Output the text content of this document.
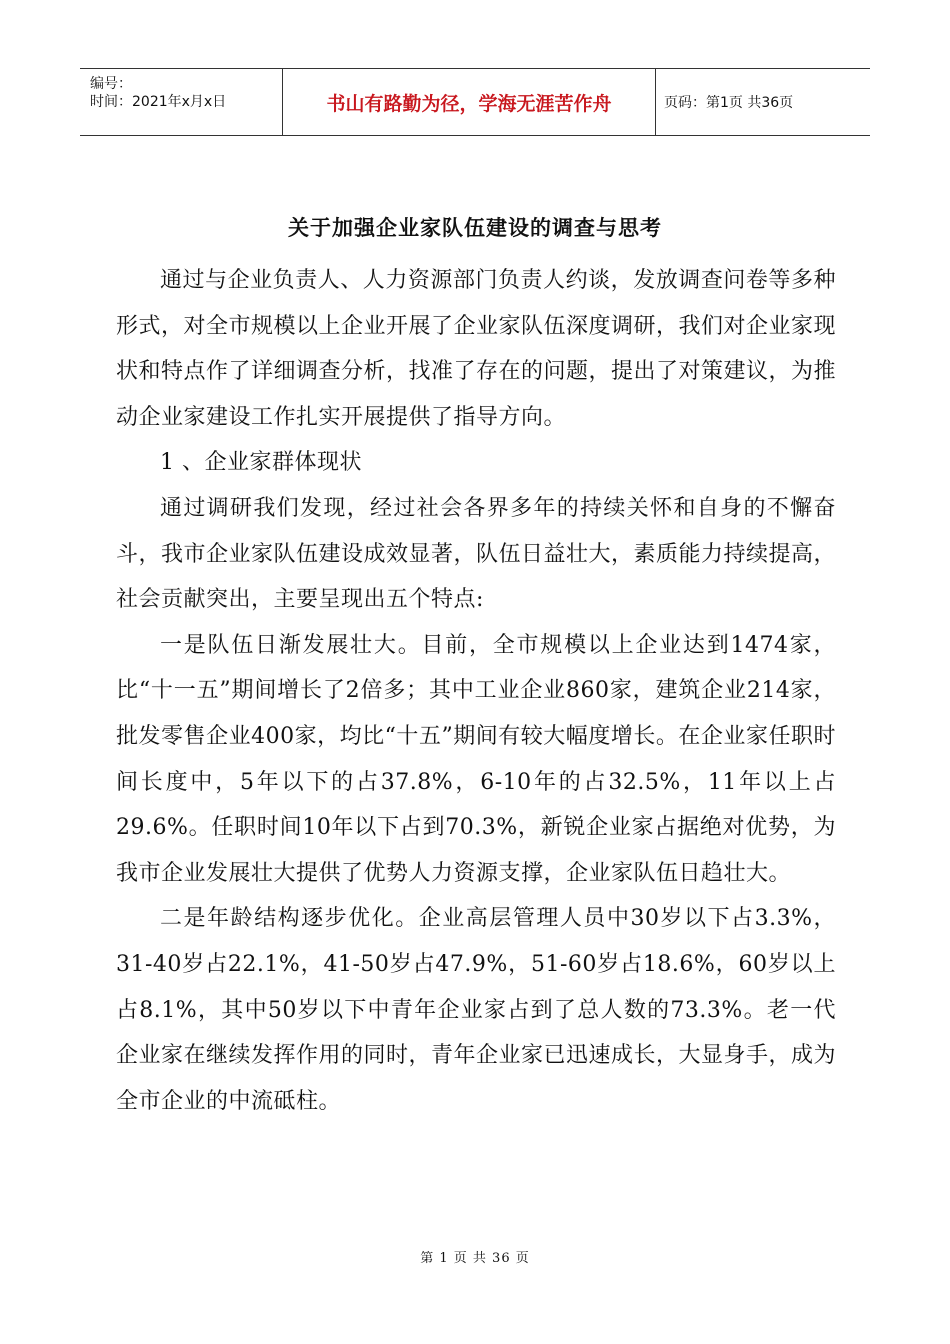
编号：
时间：2021年x月x日	书山有路勤为径，学海无涯苦作舟	页码：第1页 共36页
关于加强企业家队伍建设的调查与思考

通过与企业负责人、人力资源部门负责人约谈，发放调查问卷等多种形式，对全市规模以上企业开展了企业家队伍深度调研，我们对企业家现状和特点作了详细调查分析，找准了存在的问题，提出了对策建议，为推动企业家建设工作扎实开展提供了指导方向。

1 、企业家群体现状

通过调研我们发现，经过社会各界多年的持续关怀和自身的不懈奋斗，我市企业家队伍建设成效显著，队伍日益壮大，素质能力持续提高，社会贡献突出，主要呈现出五个特点:

一是队伍日渐发展壮大。目前，全市规模以上企业达到1474家，比“十一五”期间增长了2倍多；其中工业企业860家，建筑企业214家，批发零售企业400家，均比“十五”期间有较大幅度增长。在企业家任职时间长度中，5年以下的占37.8%，6-10年的占32.5%，11年以上占29.6%。任职时间10年以下占到70.3%，新锐企业家占据绝对优势，为我市企业发展壮大提供了优势人力资源支撑，企业家队伍日趋壮大。

二是年龄结构逐步优化。企业高层管理人员中30岁以下占3.3%，31-40岁占22.1%，41-50岁占47.9%，51-60岁占18.6%，60岁以上占8.1%，其中50岁以下中青年企业家占到了总人数的73.3%。老一代企业家在继续发挥作用的同时，青年企业家已迅速成长，大显身手，成为全市企业的中流砥柱。

第 1 页 共 36 页
